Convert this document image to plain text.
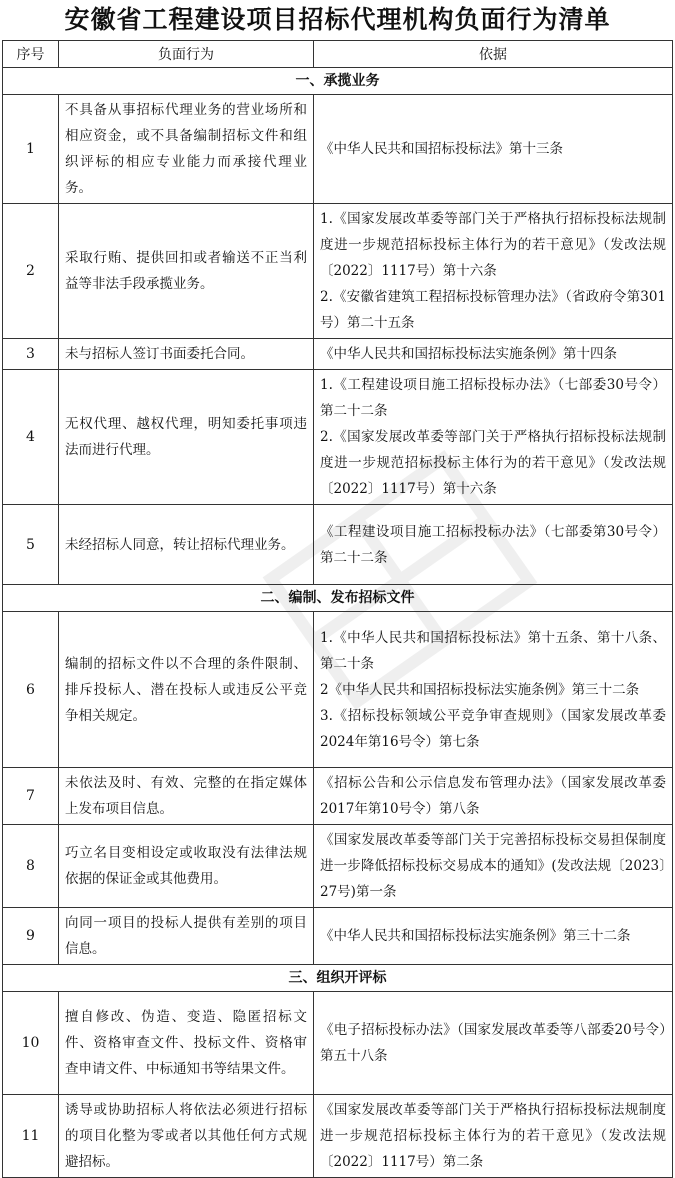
安徽省工程建设项目招标代理机构负面行为清单
序号	负面行为	依据
一、承揽业务		
1	不具备从事招标代理业务的营业场所和相应资金，或不具备编制招标文件和组织评标的相应专业能力而承接代理业务。	《中华人民共和国招标投标法》第十三条

2	采取行贿、提供回扣或者输送不正当利益等非法手段承揽业务。	1.《国家发展改革委等部门关于严格执行招标投标法规制度进一步规范招标投标主体行为的若干意见》（发改法规〔2022〕1117号）第十六条
2.《安徽省建筑工程招标投标管理办法》（省政府令第301号）第二十五条

3	未与招标人签订书面委托合同。	《中华人民共和国招标投标法实施条例》第十四条

4	无权代理、越权代理，明知委托事项违法而进行代理。	1.《工程建设项目施工招标投标办法》（七部委30号令）第二十二条
2.《国家发展改革委等部门关于严格执行招标投标法规制度进一步规范招标投标主体行为的若干意见》（发改法规〔2022〕1117号）第十六条

5	未经招标人同意，转让招标代理业务。	《工程建设项目施工招标投标办法》（七部委第30号令）第二十二条

二、编制、发布招标文件		
6	编制的招标文件以不合理的条件限制、排斥投标人、潜在投标人或违反公平竞争相关规定。	1.《中华人民共和国招标投标法》第十五条、第十八条、第二十条
2《中华人民共和国招标投标法实施条例》第三十二条
3.《招标投标领域公平竞争审查规则》（国家发展改革委2024年第16号令）第七条

7	未依法及时、有效、完整的在指定媒体上发布项目信息。	《招标公告和公示信息发布管理办法》（国家发展改革委2017年第10号令）第八条

8	巧立名目变相设定或收取没有法律法规依据的保证金或其他费用。	《国家发展改革委等部门关于完善招标投标交易担保制度进一步降低招标投标交易成本的通知》(发改法规〔2023〕27号)第一条

9	向同一项目的投标人提供有差别的项目信息。	《中华人民共和国招标投标法实施条例》第三十二条

三、组织开评标		
10	擅自修改、伪造、变造、隐匿招标文件、资格审查文件、投标文件、资格审查申请文件、中标通知书等结果文件。	《电子招标投标办法》（国家发展改革委等八部委20号令）第五十八条

11	诱导或协助招标人将依法必须进行招标的项目化整为零或者以其他任何方式规避招标。	《国家发展改革委等部门关于严格执行招标投标法规制度进一步规范招标投标主体行为的若干意见》（发改法规〔2022〕1117号）第二条
